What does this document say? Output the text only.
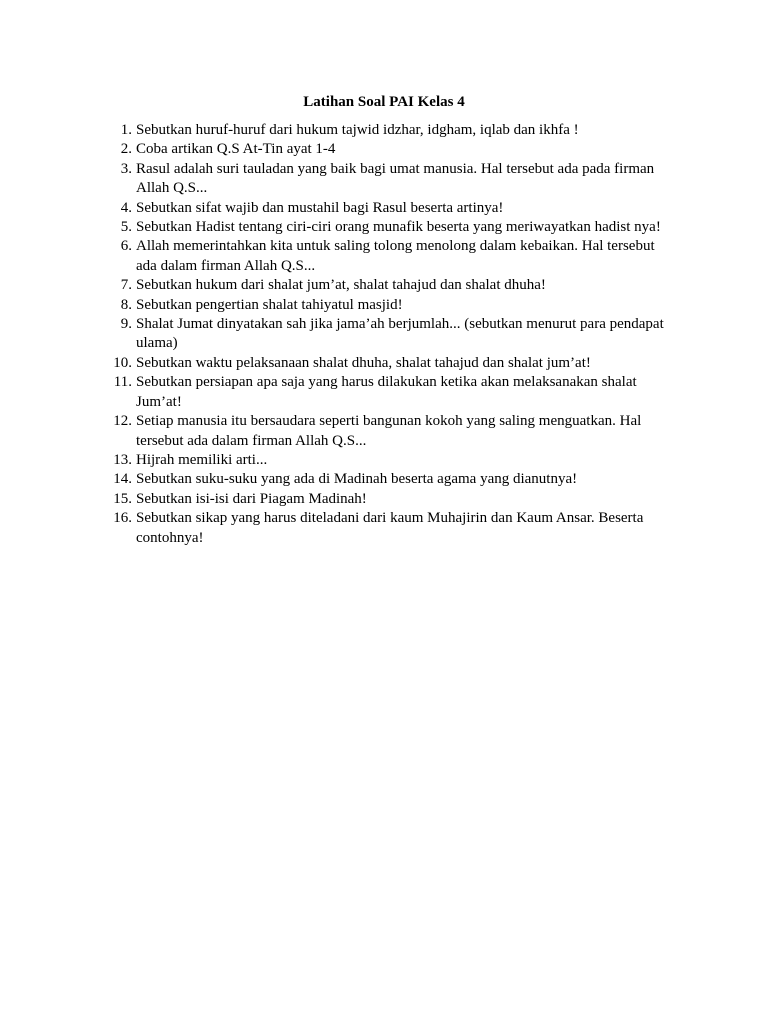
Latihan Soal PAI Kelas 4
1. Sebutkan huruf-huruf dari hukum tajwid idzhar, idgham, iqlab dan ikhfa !
2. Coba artikan Q.S At-Tin ayat 1-4
3. Rasul adalah suri tauladan yang baik bagi umat manusia. Hal tersebut ada pada firman Allah Q.S...
4. Sebutkan sifat wajib dan mustahil bagi Rasul beserta artinya!
5. Sebutkan Hadist tentang ciri-ciri orang munafik beserta yang meriwayatkan hadist nya!
6. Allah memerintahkan kita untuk saling tolong menolong dalam kebaikan. Hal tersebut ada dalam firman Allah Q.S...
7. Sebutkan hukum dari shalat jum’at, shalat tahajud dan shalat dhuha!
8. Sebutkan pengertian shalat tahiyatul masjid!
9. Shalat Jumat dinyatakan sah jika jama’ah berjumlah... (sebutkan menurut para pendapat ulama)
10. Sebutkan waktu pelaksanaan shalat dhuha, shalat tahajud dan shalat jum’at!
11. Sebutkan persiapan apa saja yang harus dilakukan ketika akan melaksanakan shalat Jum’at!
12. Setiap manusia itu bersaudara seperti bangunan kokoh yang saling menguatkan. Hal tersebut ada dalam firman Allah Q.S...
13. Hijrah memiliki arti...
14. Sebutkan suku-suku yang ada di Madinah beserta agama yang dianutnya!
15. Sebutkan isi-isi dari Piagam Madinah!
16. Sebutkan sikap yang harus diteladani dari kaum Muhajirin dan Kaum Ansar. Beserta contohnya!
